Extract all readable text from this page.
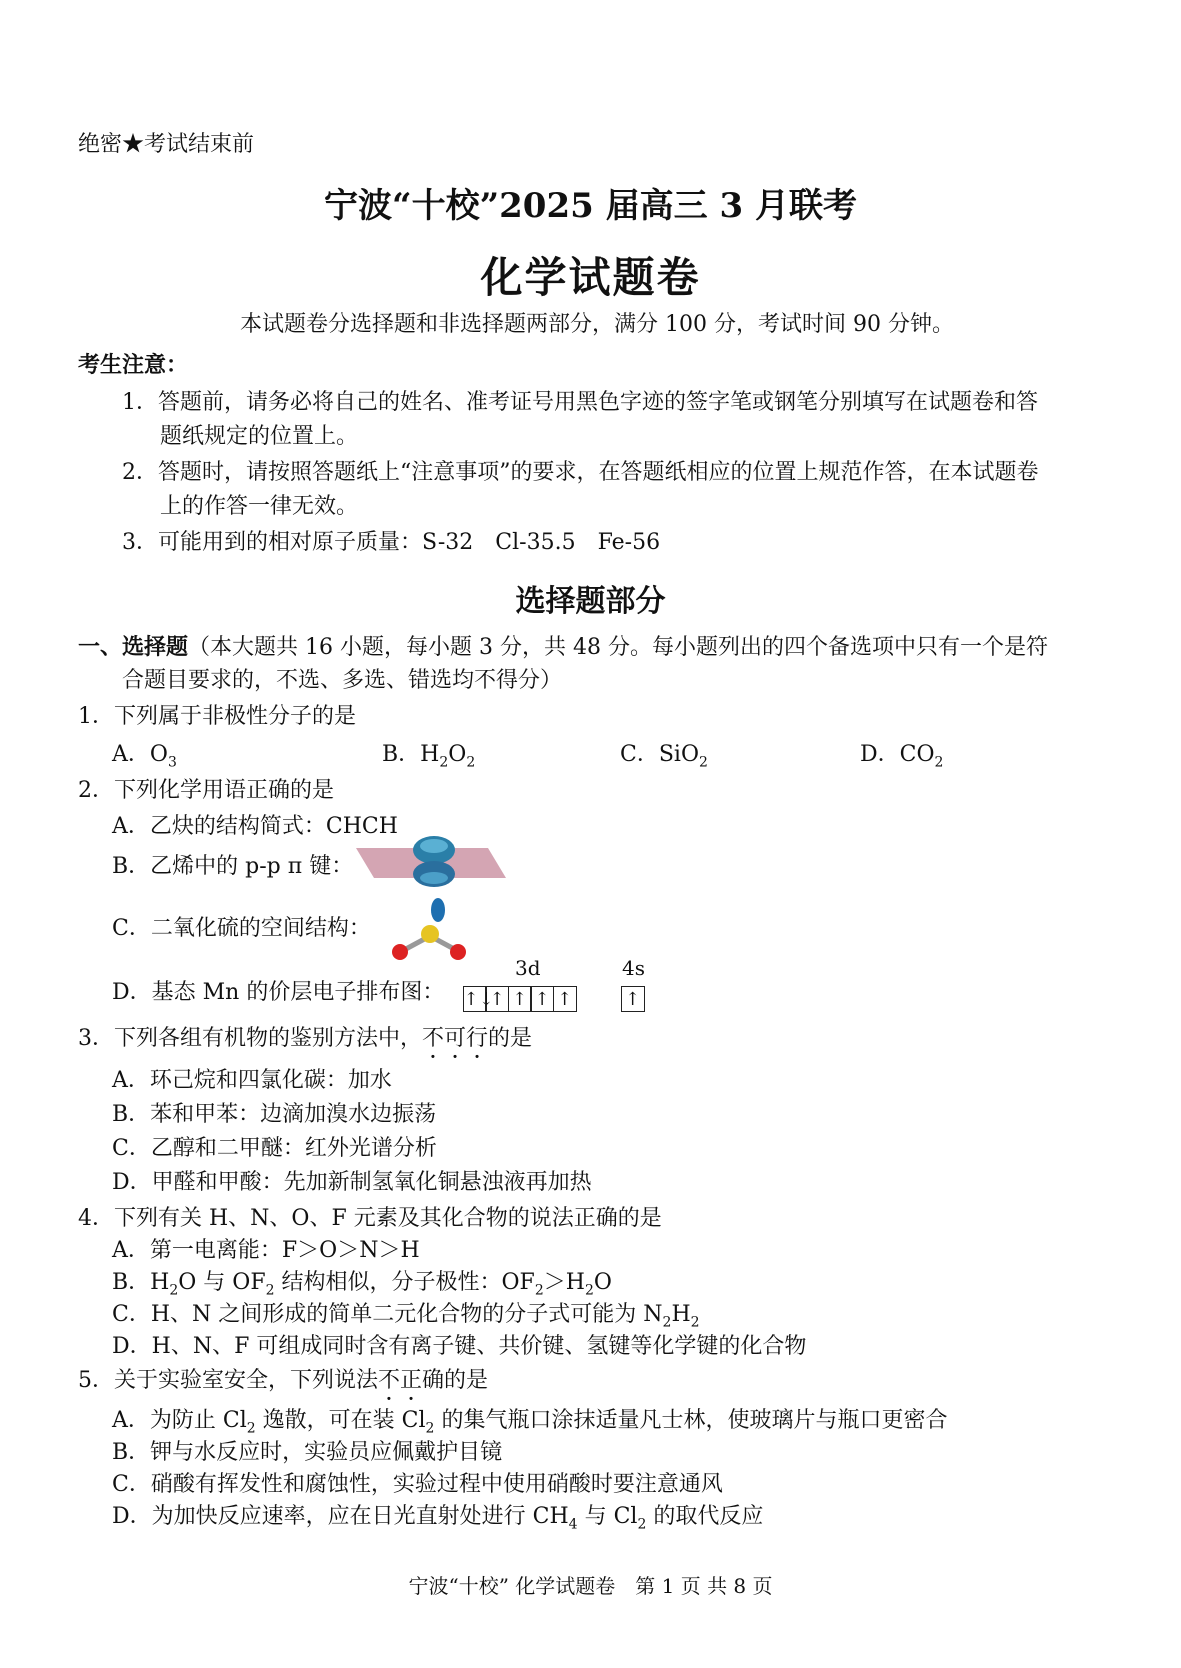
绝密★考试结束前
宁波“十校”2025 届高三 3 月联考
化学试题卷
本试题卷分选择题和非选择题两部分，满分 100 分，考试时间 90 分钟。
考生注意：
1．答题前，请务必将自己的姓名、准考证号用黑色字迹的签字笔或钢笔分别填写在试题卷和答
题纸规定的位置上。
2．答题时，请按照答题纸上“注意事项”的要求，在答题纸相应的位置上规范作答，在本试题卷
上的作答一律无效。
3．可能用到的相对原子质量：S-32　Cl-35.5　Fe-56
选择题部分
一、选择题（本大题共 16 小题，每小题 3 分，共 48 分。每小题列出的四个备选项中只有一个是符
合题目要求的，不选、多选、错选均不得分）
1．下列属于非极性分子的是
A．$O_3$	B．$H_2O_2$	C．SiO$_2$	D．$CO_2$
2．下列化学用语正确的是
A．乙炔的结构简式：CHCH
B．乙烯中的 p-p π 键：
C．二氧化硫的空间结构：
D．基态 Mn 的价层电子排布图：
3d	4s
↑↓↑ ↑ ↑ ↑	↑
3．下列各组有机物的鉴别方法中，不可行的是
A．环己烷和四氯化碳：加水
B．苯和甲苯：边滴加溴水边振荡
C．乙醇和二甲醚：红外光谱分析
D．甲醛和甲酸：先加新制氢氧化铜悬浊液再加热
4．下列有关 H、N、O、F 元素及其化合物的说法正确的是
A．第一电离能：F＞O＞N＞H
B．$H_2O$ 与 $OF_2$ 结构相似，分子极性：$OF_2>H_2O$
C．H、N 之间形成的简单二元化合物的分子式可能为 $N_2H_2$
D．H、N、F 可组成同时含有离子键、共价键、氢键等化学键的化合物
5．关于实验室安全，下列说法不正确的是
A．为防止 $Cl_2$ 逸散，可在装 $Cl_2$ 的集气瓶口涂抹适量凡士林，使玻璃片与瓶口更密合
B．钾与水反应时，实验员应佩戴护目镜
C．硝酸有挥发性和腐蚀性，实验过程中使用硝酸时要注意通风
D．为加快反应速率，应在日光直射处进行 $CH_4$ 与 $Cl_2$ 的取代反应
宁波“十校” 化学试题卷　第 1 页 共 8 页
